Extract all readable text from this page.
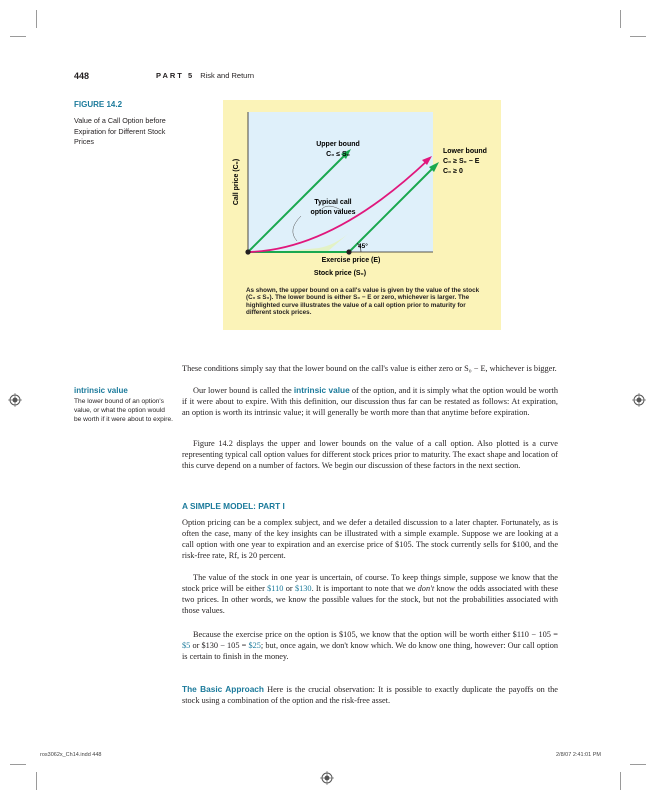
448	PART 5 Risk and Return
FIGURE 14.2
Value of a Call Option before Expiration for Different Stock Prices	Upper bound
C₀ ≤ S₀	Lower bound
C₀ ≥ S₀ − E
C₀ ≥ 0
Typical call
option values
45°
Call price (C₀)
Exercise price (E)
Stock price (S₀)
As shown, the upper bound on a call's value is given by the value of the stock (C₀ ≤ S₀). The lower bound is either S₀ − E or zero, whichever is larger. The highlighted curve illustrates the value of a call option prior to maturity for different stock prices.
intrinsic value
The lower bound of an option's value, or what the option would be worth if it were about to expire.
These conditions simply say that the lower bound on the call's value is either zero or S₀ − E, whichever is bigger.
Our lower bound is called the intrinsic value of the option, and it is simply what the option would be worth if it were about to expire. With this definition, our discussion thus far can be restated as follows: At expiration, an option is worth its intrinsic value; it will generally be worth more than that anytime before expiration.
Figure 14.2 displays the upper and lower bounds on the value of a call option. Also plotted is a curve representing typical call option values for different stock prices prior to maturity. The exact shape and location of this curve depend on a number of factors. We begin our discussion of these factors in the next section.
A SIMPLE MODEL: PART I
Option pricing can be a complex subject, and we defer a detailed discussion to a later chapter. Fortunately, as is often the case, many of the key insights can be illustrated with a simple example. Suppose we are looking at a call option with one year to expiration and an exercise price of $105. The stock currently sells for $100, and the risk-free rate, Rf, is 20 percent.
The value of the stock in one year is uncertain, of course. To keep things simple, suppose we know that the stock price will be either $110 or $130. It is important to note that we don't know the odds associated with these two prices. In other words, we know the possible values for the stock, but not the probabilities associated with those values.
Because the exercise price on the option is $105, we know that the option will be worth either $110 − 105 = $5 or $130 − 105 = $25; but, once again, we don't know which. We do know one thing, however: Our call option is certain to finish in the money.
The Basic Approach Here is the crucial observation: It is possible to exactly duplicate the payoffs on the stock using a combination of the option and the risk-free asset.
ros3062x_Ch14.indd 448	2/8/07 2:41:01 PM
